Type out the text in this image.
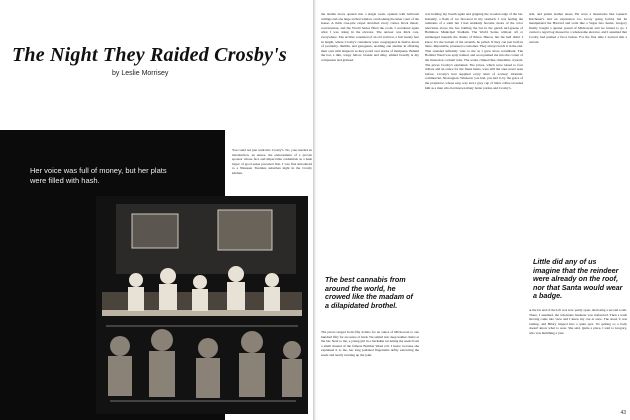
The Night They Raided Crosby's
by Leslie Morrisey
Her voice was full of money, but her plats were filled with hash.
You could not just walk into Crosby's. No, your needed an introduction, an entree, the endorsement of a proven sponsor whose face and impeccable credentials as a hash buyer of good sense preceded first. I was first introduced to a Nineteen Twenties suburban night in the Crosby kitchen.
the double doors opened into a single room, opulent with ballroom ceilings and one huge arched window overlooking the inner court of the house. A thick rose-pile carpet stretched every corner. Rock music, conversation, and the World Series filled the room. I wondered again what I was doing in the elevator. The answer was thick cars, everywhere. The archive consisted of an old wall bar, a full twenty feet in length, where Crosby's customers were congregated in festive knots of jocularity, thumbs, and gasogenes, nodding one another in affairing their own with languour as they pored over stacks of marijuana. Behind the bar, a thin, wispy fellow, blonde and silky, smiled broadly at my companion and grinned.
was holding my breath again and gripping the wooden edge of the bar. Instantly, a flash of ice flowered in my stomach. I was feeling the remnants of a saint but I had suddenly become aware of the color television above the bar, battling the bar in the garish turf-greens of Baltimore Municipal Stadium. The World Series without off or submerged beneath the chants of Prince Hanon, but the hell didn't I know. It's the bottom of the seventh, he yelled. If they can just hold in there. Impossible, protested a customer. They always botch it in the end. This sounded infinitely wise to me as I grew more recumbent. The Bomber Weed was aptly named, and soon pushed me into the corner of the mastodon cocktail tube. The scales clinked like chandelier crystals. The prices Crosby's explained. The prices, which were raised to four dollars and an ounce for the finest hauls, were still the ones never seen before. Crosby's had supplied every kind of ecstasy; Oriental, commercial, Nicaraguan. Whatever you had, you had it, by the grace of the proprietor, whose easy way and a grey cup of bitter coffee revealed him as a man who had known many better parties and Crosby's.
arm, and patent leather shoes. He wore a moustache like General Kitchener's and an expression too Gooty going forbid, but he manipulated the Harvard and scale like a Vegas faro dealer. Gregory finally bought a quarter pound of Michoacan and we turned to go. I carried a regal bag dressed in a wholesome elevator, and I assumed that Crosby had pushed a floor button. For the first time I noticed that a curtain
The best cannabis from around the world, he crowed like the madam of a dilapidated brothel.
The prices ranged from fifty dollars for an ounce of Michoacan to one hundred fifty for an ounce of hash. We settled into deep leather chairs at the bar. Next to me, a young girl in a buckskin sat letting the seeds from a small mound of the famous Bomber Weed roll. I knew, because she explained it to me, her long polished fingernails deftly extracting the seeds and neatly twisting up the joint.
Little did any of us imagine that the reindeer were already on the roof, nor that Santa would wear a badge.
at the far end of the loft was now partly open, disclosing a second room. There, I assumed, the wholesale business was transacted. Then a trash moving came into view and I knew my cue at once. The street it was raining, and Hilary tripped into a quiet spot. It's getting so a body doesn't know what to wear. She said. Quite a place, I said to Gregory, who was humming a jazz.
43
